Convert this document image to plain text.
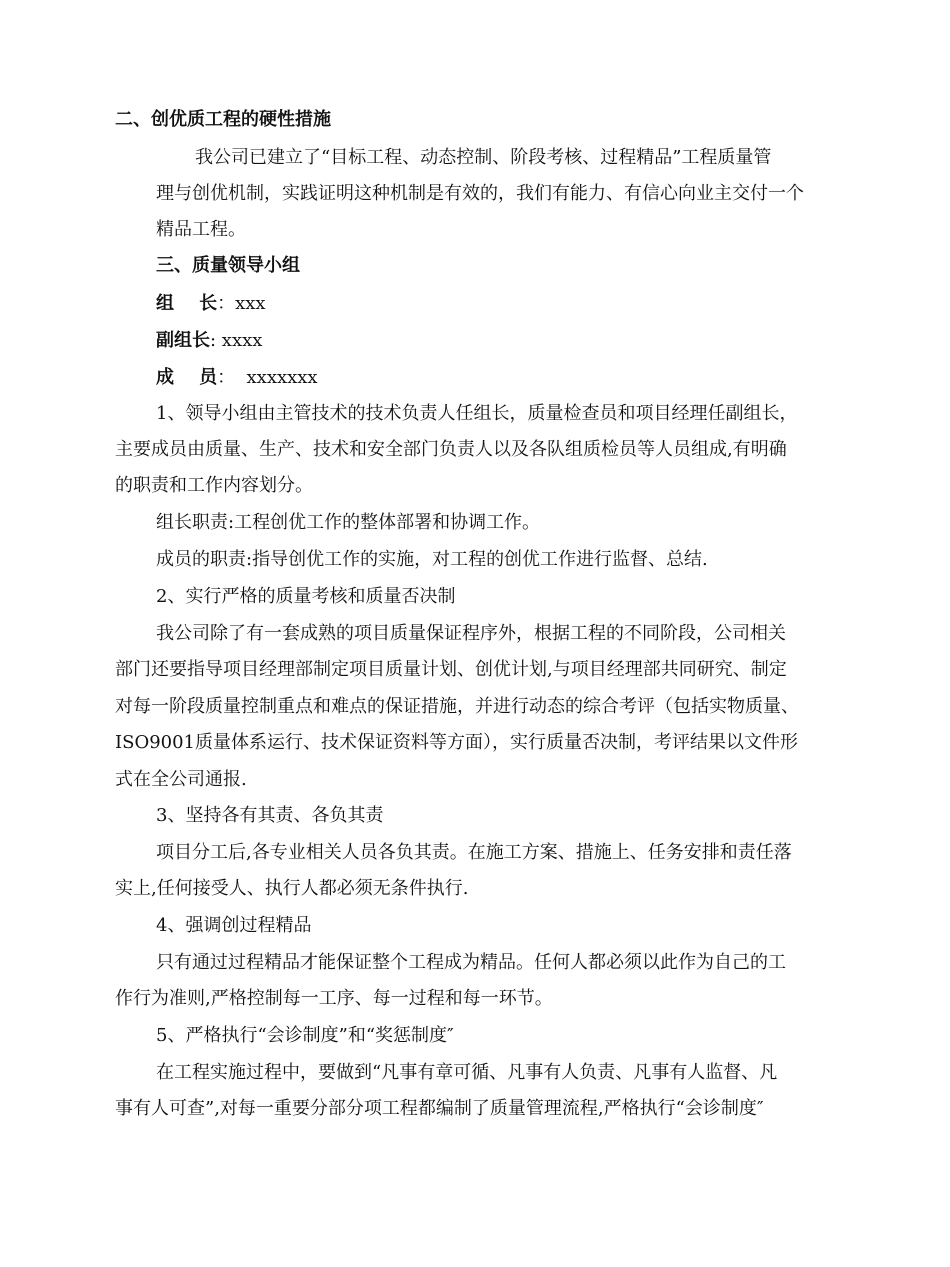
二、创优质工程的硬性措施
我公司已建立了“目标工程、动态控制、阶段考核、过程精品”工程质量管
理与创优机制，实践证明这种机制是有效的，我们有能力、有信心向业主交付一个
精品工程。
三、质量领导小组
组    长：xxx
副组长: xxxx
成    员：  xxxxxxx
1、领导小组由主管技术的技术负责人任组长，质量检查员和项目经理任副组长，
主要成员由质量、生产、技术和安全部门负责人以及各队组质检员等人员组成,有明确
的职责和工作内容划分。
组长职责:工程创优工作的整体部署和协调工作。
成员的职责:指导创优工作的实施，对工程的创优工作进行监督、总结.
2、实行严格的质量考核和质量否决制
我公司除了有一套成熟的项目质量保证程序外，根据工程的不同阶段，公司相关
部门还要指导项目经理部制定项目质量计划、创优计划,与项目经理部共同研究、制定
对每一阶段质量控制重点和难点的保证措施，并进行动态的综合考评（包括实物质量、
ISO9001质量体系运行、技术保证资料等方面），实行质量否决制，考评结果以文件形
式在全公司通报.
3、坚持各有其责、各负其责
项目分工后,各专业相关人员各负其责。在施工方案、措施上、任务安排和责任落
实上,任何接受人、执行人都必须无条件执行.
4、强调创过程精品
只有通过过程精品才能保证整个工程成为精品。任何人都必须以此作为自己的工
作行为准则,严格控制每一工序、每一过程和每一环节。
5、严格执行“会诊制度”和“奖惩制度″
在工程实施过程中，要做到“凡事有章可循、凡事有人负责、凡事有人监督、凡
事有人可查”,对每一重要分部分项工程都编制了质量管理流程,严格执行“会诊制度″
